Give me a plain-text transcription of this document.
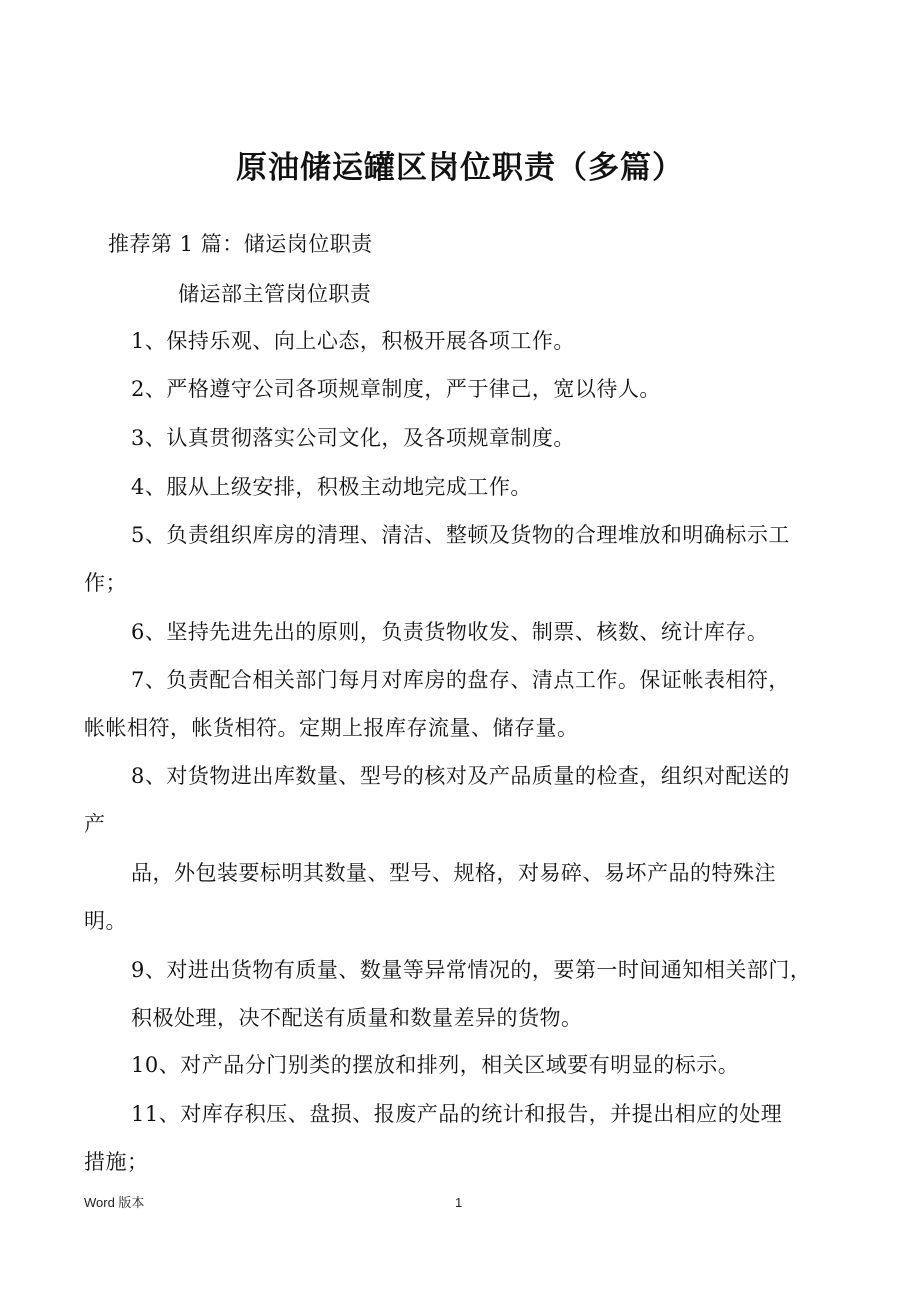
原油储运罐区岗位职责（多篇）
推荐第 1 篇：储运岗位职责
储运部主管岗位职责
1、保持乐观、向上心态，积极开展各项工作。
2、严格遵守公司各项规章制度，严于律己，宽以待人。
3、认真贯彻落实公司文化，及各项规章制度。
4、服从上级安排，积极主动地完成工作。
5、负责组织库房的清理、清洁、整顿及货物的合理堆放和明确标示工
作；
6、坚持先进先出的原则，负责货物收发、制票、核数、统计库存。
7、负责配合相关部门每月对库房的盘存、清点工作。保证帐表相符，
帐帐相符，帐货相符。定期上报库存流量、储存量。
8、对货物进出库数量、型号的核对及产品质量的检查，组织对配送的
产
品，外包装要标明其数量、型号、规格，对易碎、易坏产品的特殊注
明。
9、对进出货物有质量、数量等异常情况的，要第一时间通知相关部门，
积极处理，决不配送有质量和数量差异的货物。
10、对产品分门别类的摆放和排列，相关区域要有明显的标示。
11、对库存积压、盘损、报废产品的统计和报告，并提出相应的处理
措施；
Word 版本	1
